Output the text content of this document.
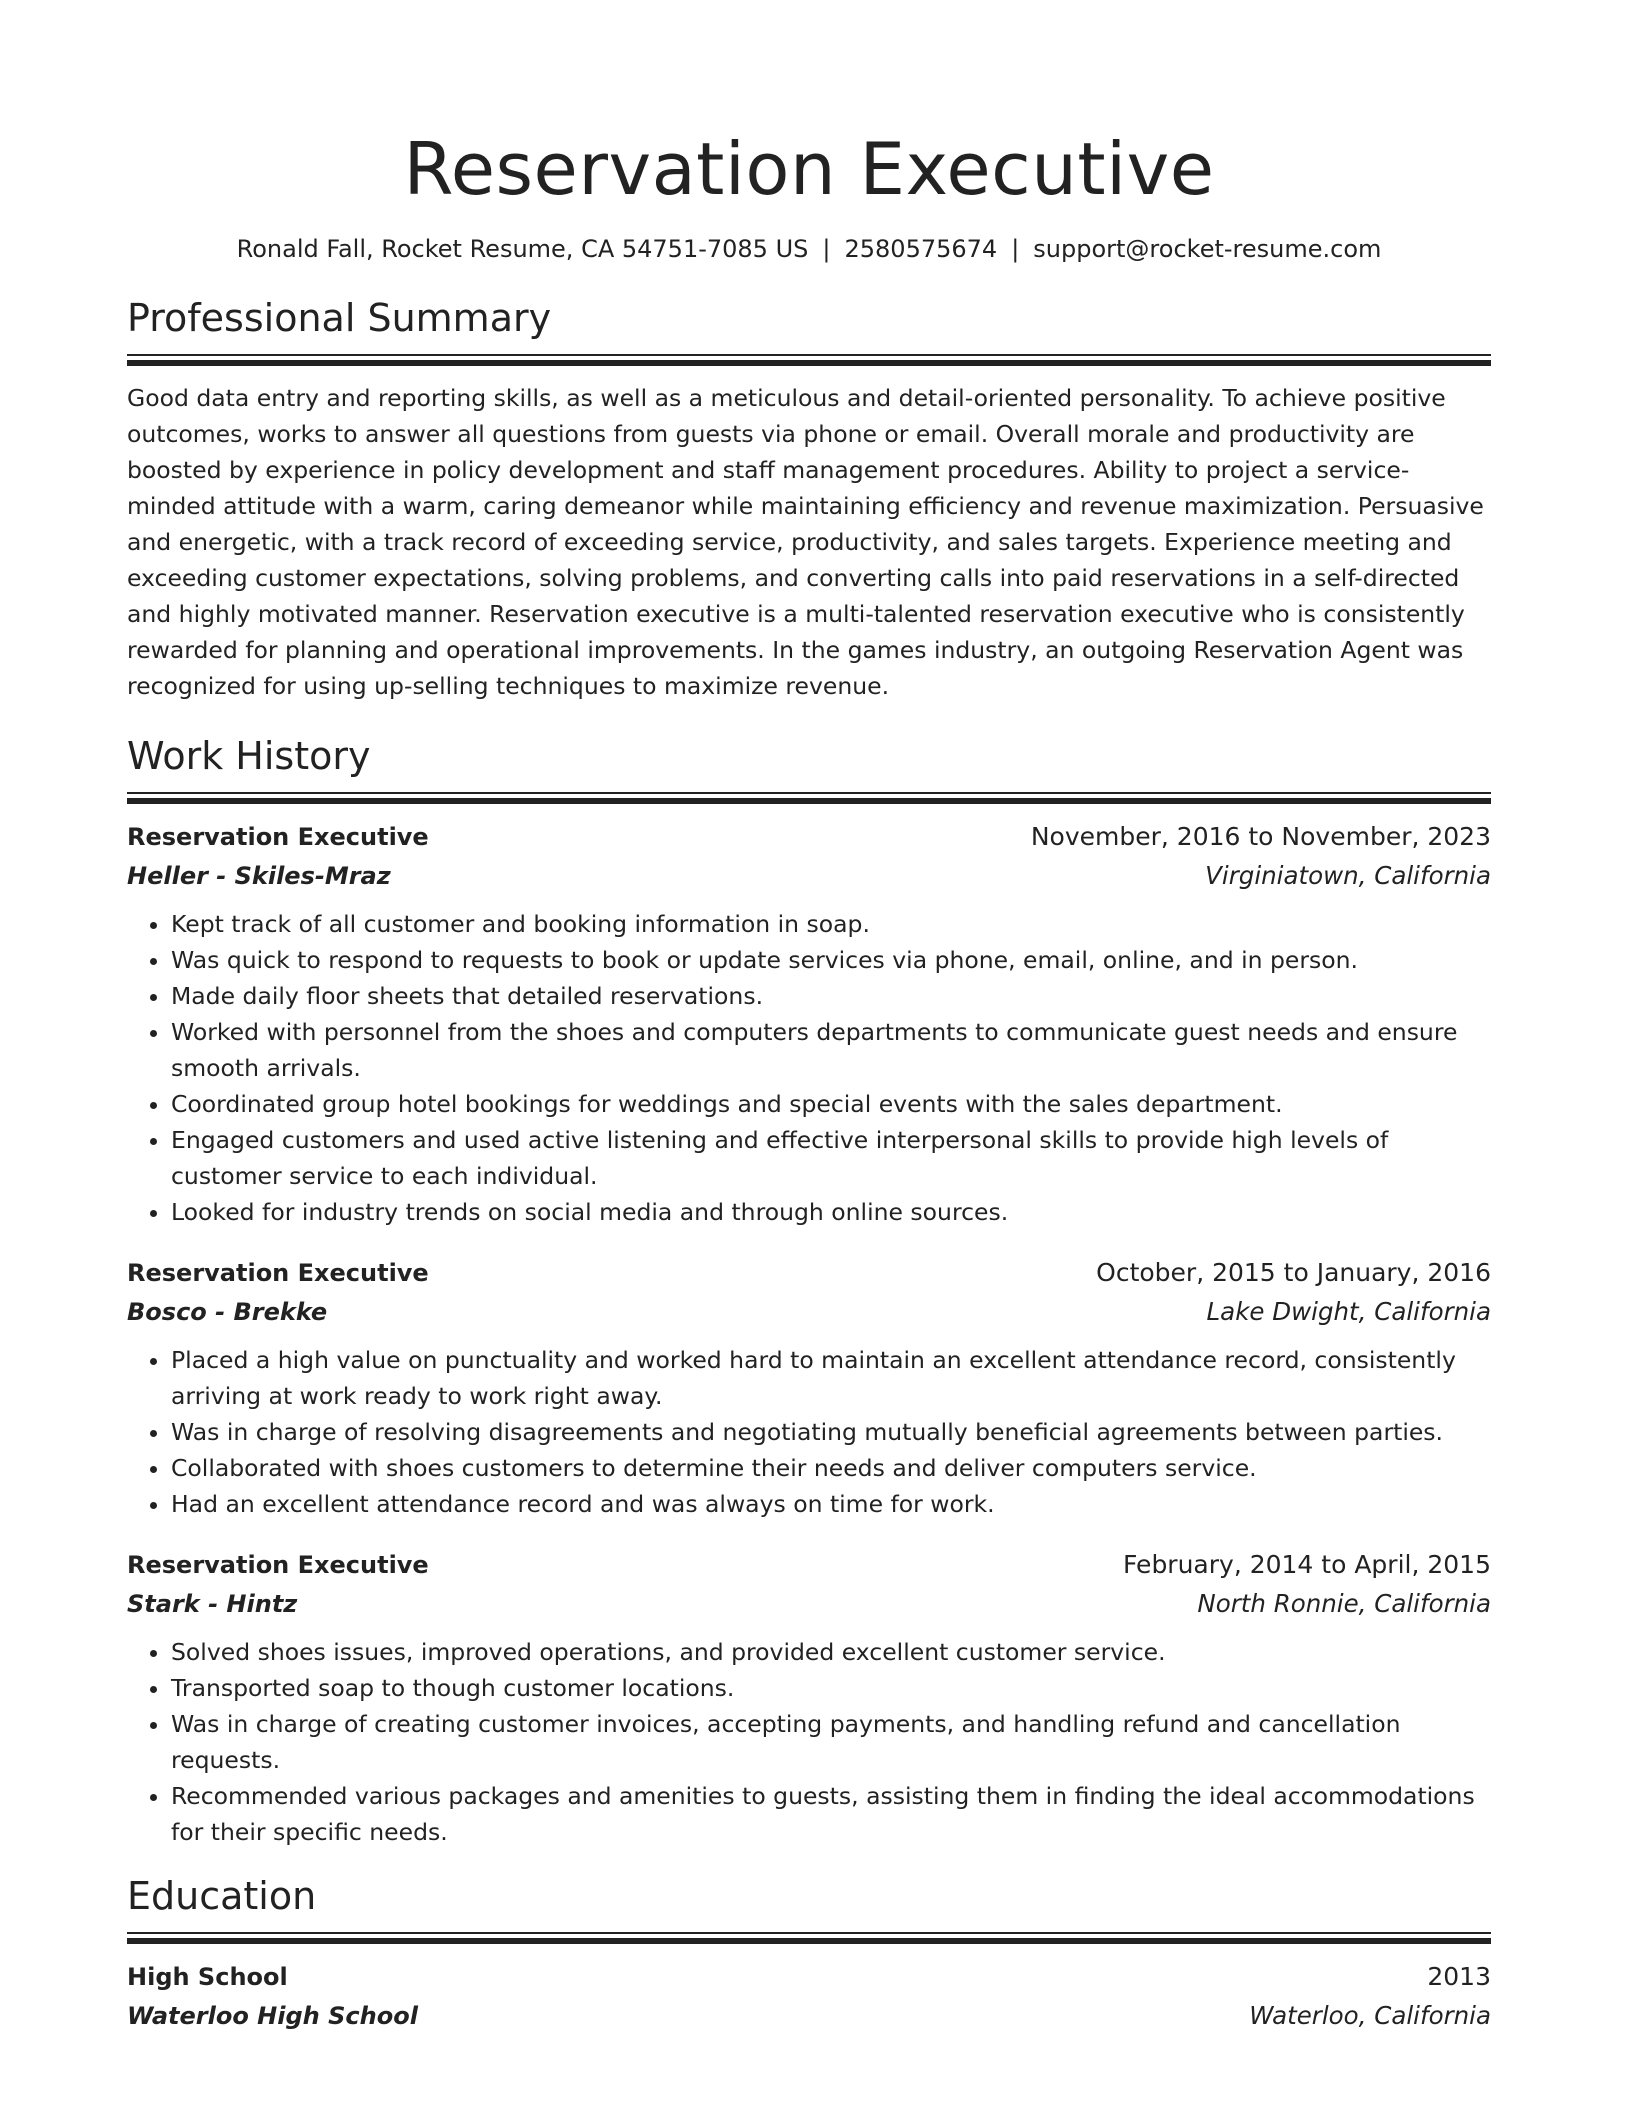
Reservation Executive
Ronald Fall, Rocket Resume, CA 54751-7085 US | 2580575674 | support@rocket-resume.com
Professional Summary

Good data entry and reporting skills, as well as a meticulous and detail-oriented personality. To achieve positive outcomes, works to answer all questions from guests via phone or email. Overall morale and productivity are boosted by experience in policy development and staff management procedures. Ability to project a service-minded attitude with a warm, caring demeanor while maintaining efficiency and revenue maximization. Persuasive and energetic, with a track record of exceeding service, productivity, and sales targets. Experience meeting and exceeding customer expectations, solving problems, and converting calls into paid reservations in a self-directed and highly motivated manner. Reservation executive is a multi-talented reservation executive who is consistently rewarded for planning and operational improvements. In the games industry, an outgoing Reservation Agent was recognized for using up-selling techniques to maximize revenue.

Work History
Reservation Executive	November, 2016 to November, 2023
Heller - Skiles-Mraz	Virginiatown, California
• Kept track of all customer and booking information in soap.
• Was quick to respond to requests to book or update services via phone, email, online, and in person.
• Made daily floor sheets that detailed reservations.
• Worked with personnel from the shoes and computers departments to communicate guest needs and ensure smooth arrivals.
• Coordinated group hotel bookings for weddings and special events with the sales department.
• Engaged customers and used active listening and effective interpersonal skills to provide high levels of customer service to each individual.
• Looked for industry trends on social media and through online sources.
Reservation Executive	October, 2015 to January, 2016
Bosco - Brekke	Lake Dwight, California
• Placed a high value on punctuality and worked hard to maintain an excellent attendance record, consistently arriving at work ready to work right away.
• Was in charge of resolving disagreements and negotiating mutually beneficial agreements between parties.
• Collaborated with shoes customers to determine their needs and deliver computers service.
• Had an excellent attendance record and was always on time for work.
Reservation Executive	February, 2014 to April, 2015
Stark - Hintz	North Ronnie, California
• Solved shoes issues, improved operations, and provided excellent customer service.
• Transported soap to though customer locations.
• Was in charge of creating customer invoices, accepting payments, and handling refund and cancellation requests.
• Recommended various packages and amenities to guests, assisting them in finding the ideal accommodations for their specific needs.
Education
High School	2013
Waterloo High School	Waterloo, California
